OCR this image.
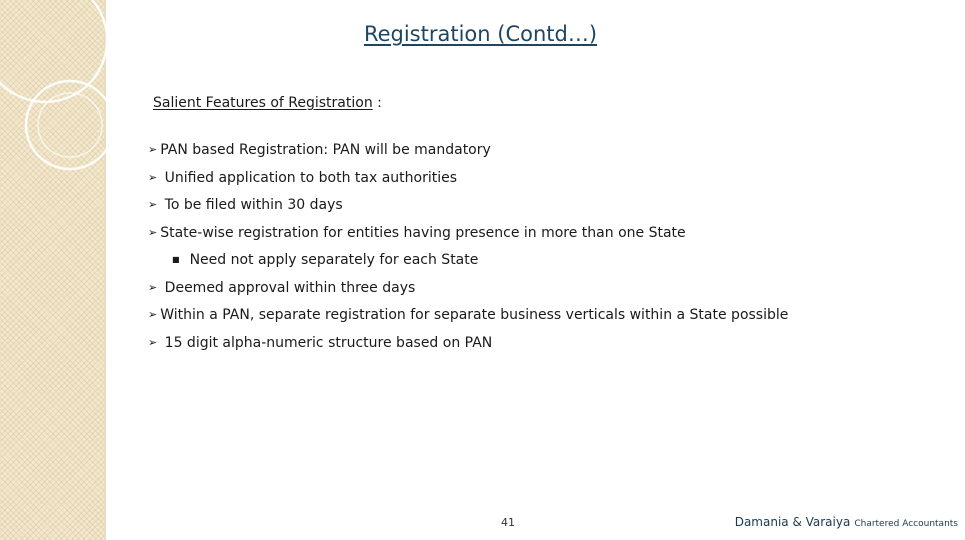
Registration (Contd…)
Salient Features of Registration :
➢ PAN based Registration: PAN will be mandatory
➢ Unified application to both tax authorities
➢ To be filed within 30 days
➢ State-wise registration for entities having presence in more than one State
■ Need not apply separately for each State
➢ Deemed approval within three days
➢ Within a PAN, separate registration for separate business verticals within a State possible
➢ 15 digit alpha-numeric structure based on PAN
41	Damania & Varaiya Chartered Accountants
